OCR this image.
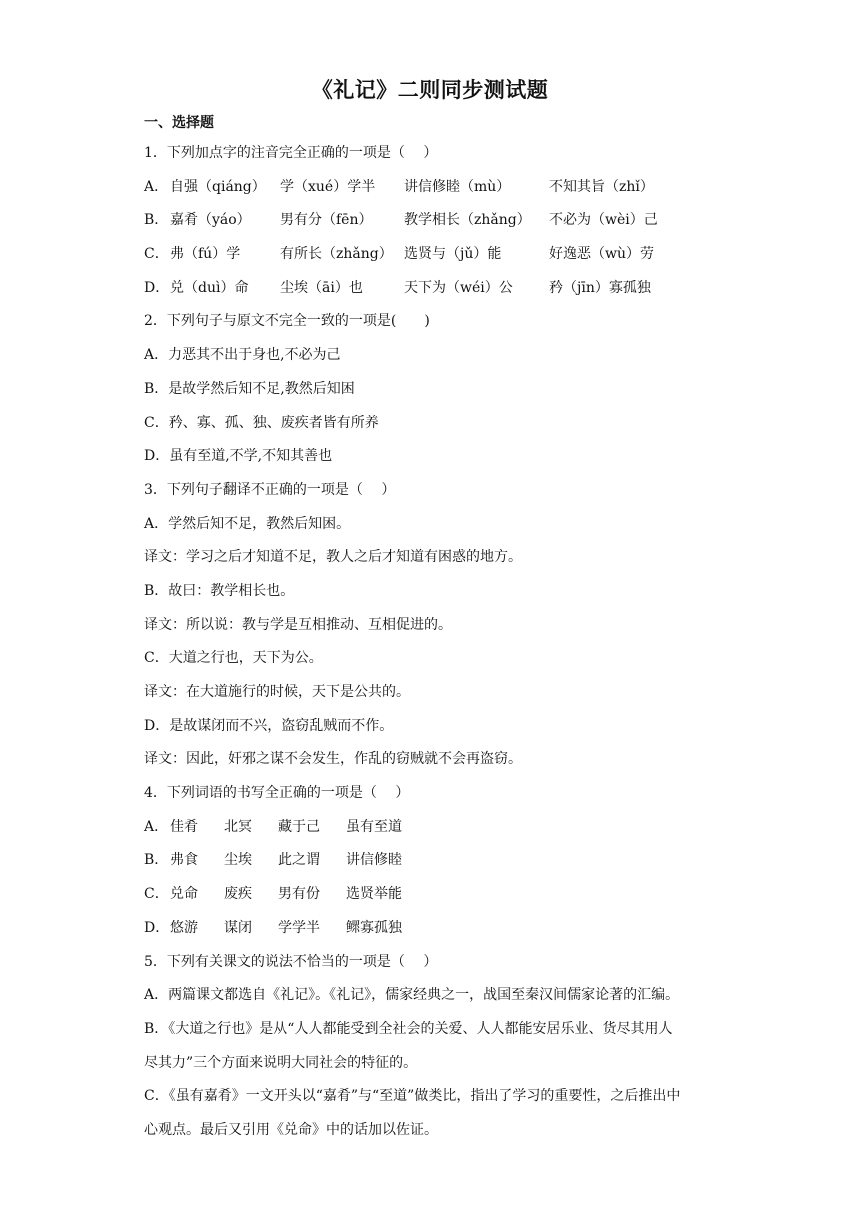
《礼记》二则同步测试题
一、选择题
1．下列加点字的注音完全正确的一项是（　 ）
A． 自强（qiáng）	学（xué）学半	讲信修睦（mù）	不知其旨（zhǐ）
B． 嘉肴（yáo）	男有分（fēn）	教学相长（zhǎng）	不必为（wèi）己
C． 弗（fú）学	有所长（zhǎng） 选贤与（jǔ）能	好逸恶（wù）劳
D． 兑（duì）命	尘埃（āi）也	天下为（wéi）公	矜（jīn）寡孤独
2．下列句子与原文不完全一致的一项是(　　)
A．力恶其不出于身也,不必为己
B．是故学然后知不足,教然后知困
C．矜、寡、孤、独、废疾者皆有所养
D．虽有至道,不学,不知其善也
3．下列句子翻译不正确的一项是（　 ）
A．学然后知不足，教然后知困。
译文：学习之后才知道不足，教人之后才知道有困惑的地方。
B．故曰：教学相长也。
译文：所以说：教与学是互相推动、互相促进的。
C．大道之行也，天下为公。
译文：在大道施行的时候，天下是公共的。
D．是故谋闭而不兴，盗窃乱贼而不作。
译文：因此，奸邪之谋不会发生，作乱的窃贼就不会再盗窃。
4．下列词语的书写全正确的一项是（　 ）
A． 佳肴	北冥	藏于己	虽有至道
B． 弗食	尘埃	此之谓	讲信修睦
C． 兑命	废疾	男有份	选贤举能
D． 悠游	谋闭	学学半	鳏寡孤独
5．下列有关课文的说法不恰当的一项是（　 ）
A．两篇课文都选自《礼记》。《礼记》，儒家经典之一，战国至秦汉间儒家论著的汇编。
B．《大道之行也》是从“人人都能受到全社会的关爱、人人都能安居乐业、货尽其用人
尽其力”三个方面来说明大同社会的特征的。
C．《虽有嘉肴》一文开头以“嘉肴”与“至道”做类比，指出了学习的重要性，之后推出中
心观点。最后又引用《兑命》中的话加以佐证。
